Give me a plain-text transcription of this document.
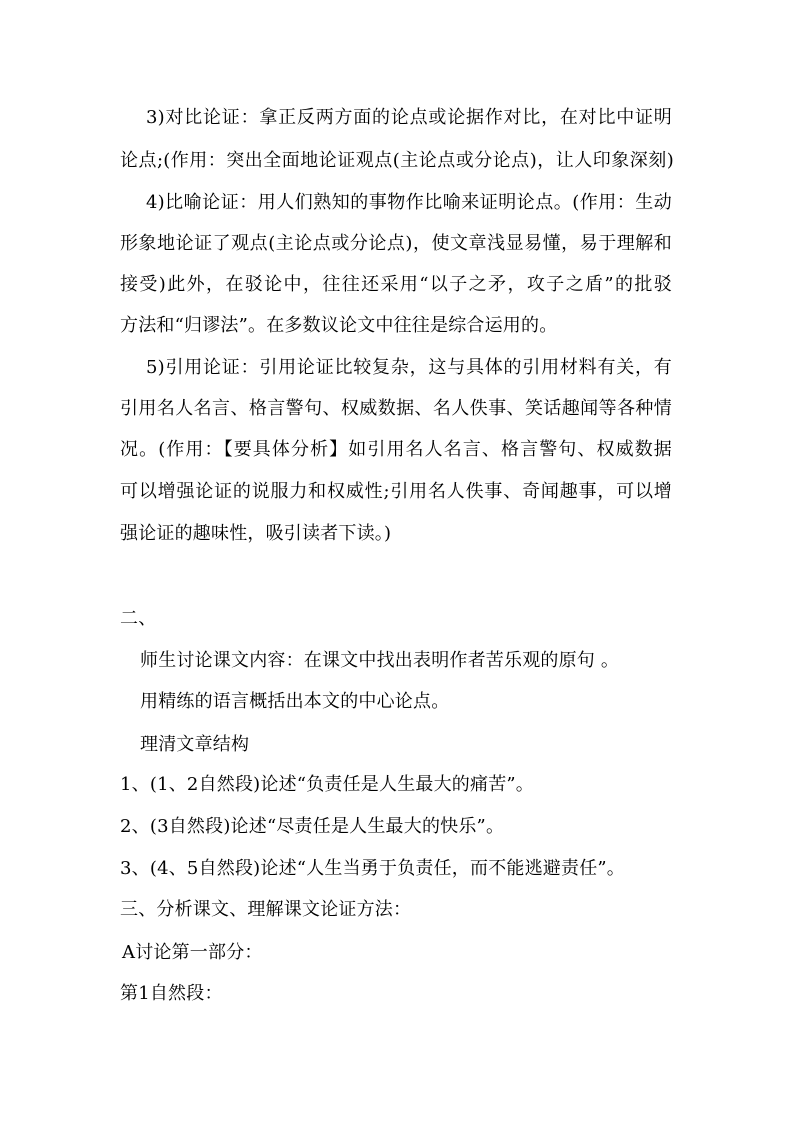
3)对比论证：拿正反两方面的论点或论据作对比，在对比中证明
论点;(作用：突出全面地论证观点(主论点或分论点)，让人印象深刻)
4)比喻论证：用人们熟知的事物作比喻来证明论点。(作用：生动
形象地论证了观点(主论点或分论点)，使文章浅显易懂，易于理解和
接受)此外，在驳论中，往往还采用“以子之矛，攻子之盾”的批驳
方法和“归谬法”。在多数议论文中往往是综合运用的。
5)引用论证：引用论证比较复杂，这与具体的引用材料有关，有
引用名人名言、格言警句、权威数据、名人佚事、笑话趣闻等各种情
况。(作用：【要具体分析】如引用名人名言、格言警句、权威数据
可以增强论证的说服力和权威性;引用名人佚事、奇闻趣事，可以增
强论证的趣味性，吸引读者下读。)
二、
师生讨论课文内容：在课文中找出表明作者苦乐观的原句 。
用精练的语言概括出本文的中心论点。
理清文章结构
1、(1、2自然段)论述“负责任是人生最大的痛苦”。
2、(3自然段)论述“尽责任是人生最大的快乐”。
3、(4、5自然段)论述“人生当勇于负责任，而不能逃避责任”。
三、分析课文、理解课文论证方法：
A讨论第一部分：
第1自然段：
